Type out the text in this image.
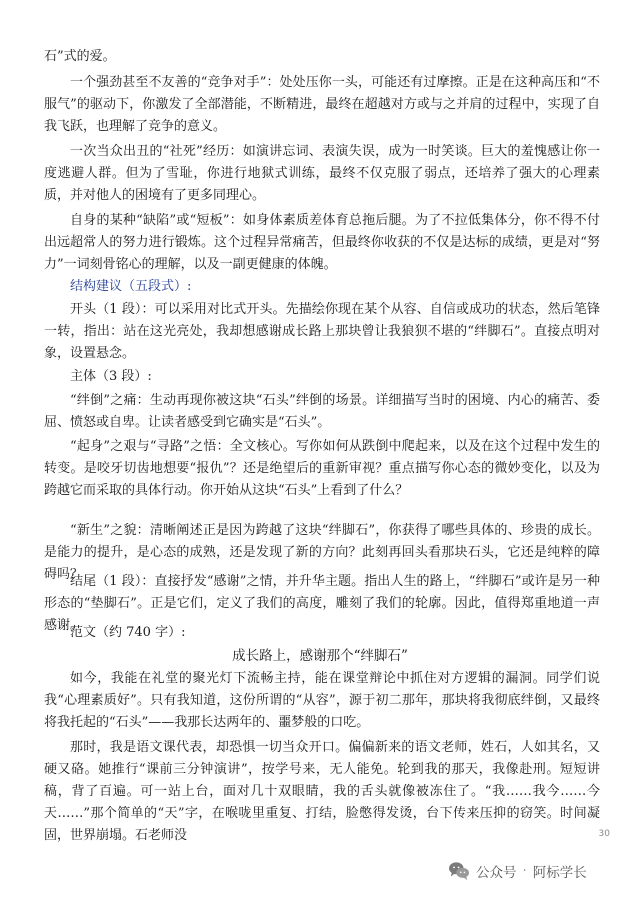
石”式的爱。

一个强劲甚至不友善的“竞争对手”：处处压你一头，可能还有过摩擦。正是在这种高压和“不服气”的驱动下，你激发了全部潜能，不断精进，最终在超越对方或与之并肩的过程中，实现了自我飞跃，也理解了竞争的意义。

一次当众出丑的“社死”经历：如演讲忘词、表演失误，成为一时笑谈。巨大的羞愧感让你一度逃避人群。但为了雪耻，你进行地狱式训练，最终不仅克服了弱点，还培养了强大的心理素质，并对他人的困境有了更多同理心。

自身的某种“缺陷”或“短板”：如身体素质差体育总拖后腿。为了不拉低集体分，你不得不付出远超常人的努力进行锻炼。这个过程异常痛苦，但最终你收获的不仅是达标的成绩，更是对“努力”一词刻骨铭心的理解，以及一副更健康的体魄。

结构建议（五段式）:

开头（1 段）：可以采用对比式开头。先描绘你现在某个从容、自信或成功的状态，然后笔锋一转，指出：站在这光亮处，我却想感谢成长路上那块曾让我狼狈不堪的“绊脚石”。直接点明对象，设置悬念。

主体（3 段）:

“绊倒”之痛：生动再现你被这块“石头”绊倒的场景。详细描写当时的困境、内心的痛苦、委屈、愤怒或自卑。让读者感受到它确实是“石头”。

“起身”之艰与“寻路”之悟：全文核心。写你如何从跌倒中爬起来，以及在这个过程中发生的转变。是咬牙切齿地想要“报仇”？还是绝望后的重新审视？重点描写你心态的微妙变化，以及为跨越它而采取的具体行动。你开始从这块“石头”上看到了什么？

“新生”之貌：清晰阐述正是因为跨越了这块“绊脚石”，你获得了哪些具体的、珍贵的成长。是能力的提升，是心态的成熟，还是发现了新的方向？此刻再回头看那块石头，它还是纯粹的障碍吗？

结尾（1 段）：直接抒发“感谢”之情，并升华主题。指出人生的路上，“绊脚石”或许是另一种形态的“垫脚石”。正是它们，定义了我们的高度，雕刻了我们的轮廓。因此，值得郑重地道一声感谢。

范文（约 740 字）:

成长路上，感谢那个“绊脚石”

如今，我能在礼堂的聚光灯下流畅主持，能在课堂辩论中抓住对方逻辑的漏洞。同学们说我“心理素质好”。只有我知道，这份所谓的“从容”，源于初二那年，那块将我彻底绊倒，又最终将我托起的“石头”——我那长达两年的、噩梦般的口吃。

那时，我是语文课代表，却恐惧一切当众开口。偏偏新来的语文老师，姓石，人如其名，又硬又硌。她推行“课前三分钟演讲”，按学号来，无人能免。轮到我的那天，我像赴刑。短短讲稿，背了百遍。可一站上台，面对几十双眼睛，我的舌头就像被冻住了。“我……我今……今天……”那个简单的“天”字，在喉咙里重复、打结，脸憋得发烫，台下传来压抑的窃笑。时间凝固，世界崩塌。石老师没	30
公众号 · 阿标学长
